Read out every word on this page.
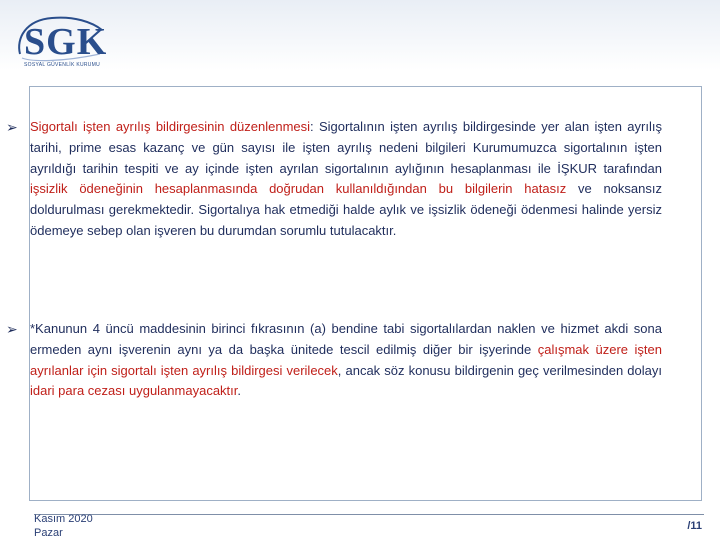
SGK
SOSYAL GÜVENLİK KURUMU
➢ Sigortalı işten ayrılış bildirgesinin düzenlenmesi: Sigortalının işten ayrılış bildirgesinde yer alan işten ayrılış tarihi, prime esas kazanç ve gün sayısı ile işten ayrılış nedeni bilgileri Kurumumuzca sigortalının işten ayrıldığı tarihin tespiti ve ay içinde işten ayrılan sigortalının aylığının hesaplanması ile İŞKUR tarafından işsizlik ödeneğinin hesaplanmasında doğrudan kullanıldığından bu bilgilerin hatasız ve noksansız doldurulması gerekmektedir. Sigortalıya hak etmediği halde aylık ve işsizlik ödeneği ödenmesi halinde yersiz ödemeye sebep olan işveren bu durumdan sorumlu tutulacaktır.
➢ *Kanunun 4 üncü maddesinin birinci fıkrasının (a) bendine tabi sigortalılardan naklen ve hizmet akdi sona ermeden aynı işverenin aynı ya da başka ünitede tescil edilmiş diğer bir işyerinde çalışmak üzere işten ayrılanlar için sigortalı işten ayrılış bildirgesi verilecek, ancak söz konusu bildirgenin geç verilmesinden dolayı idari para cezası uygulanmayacaktır.
Kasım 2020
Pazar
/11
